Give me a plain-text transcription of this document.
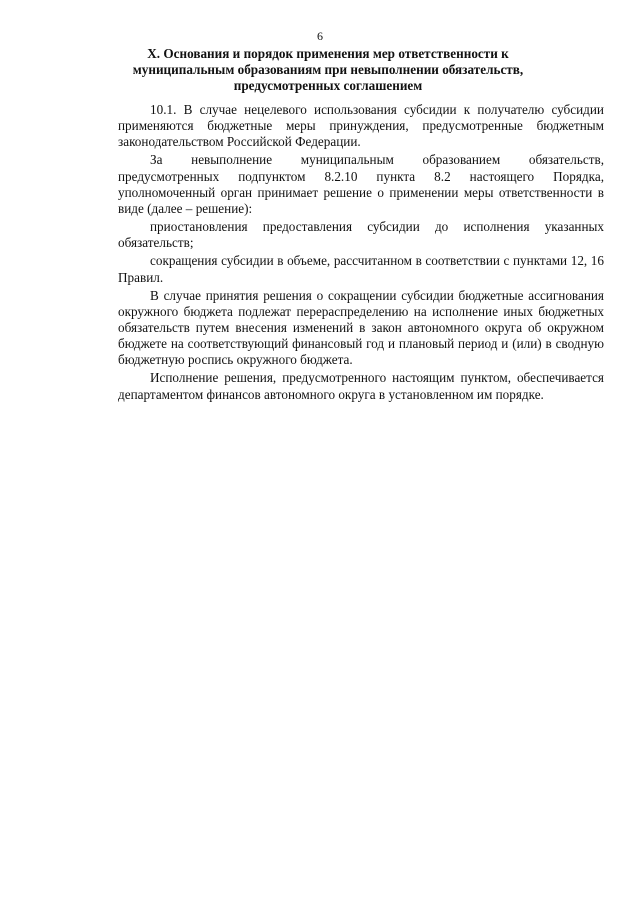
6
X. Основания и порядок применения мер ответственности к
муниципальным образованиям при невыполнении обязательств,
предусмотренных соглашением

10.1. В случае нецелевого использования субсидии к получателю субсидии применяются бюджетные меры принуждения, предусмотренные бюджетным законодательством Российской Федерации.

За невыполнение муниципальным образованием обязательств, предусмотренных подпунктом 8.2.10 пункта 8.2 настоящего Порядка, уполномоченный орган принимает решение о применении меры ответственности в виде (далее – решение):

приостановления предоставления субсидии до исполнения указанных обязательств;

сокращения субсидии в объеме, рассчитанном в соответствии с пунктами 12, 16 Правил.

В случае принятия решения о сокращении субсидии бюджетные ассигнования окружного бюджета подлежат перераспределению на исполнение иных бюджетных обязательств путем внесения изменений в закон автономного округа об окружном бюджете на соответствующий финансовый год и плановый период и (или) в сводную бюджетную роспись окружного бюджета.

Исполнение решения, предусмотренного настоящим пунктом, обеспечивается департаментом финансов автономного округа в установленном им порядке.
